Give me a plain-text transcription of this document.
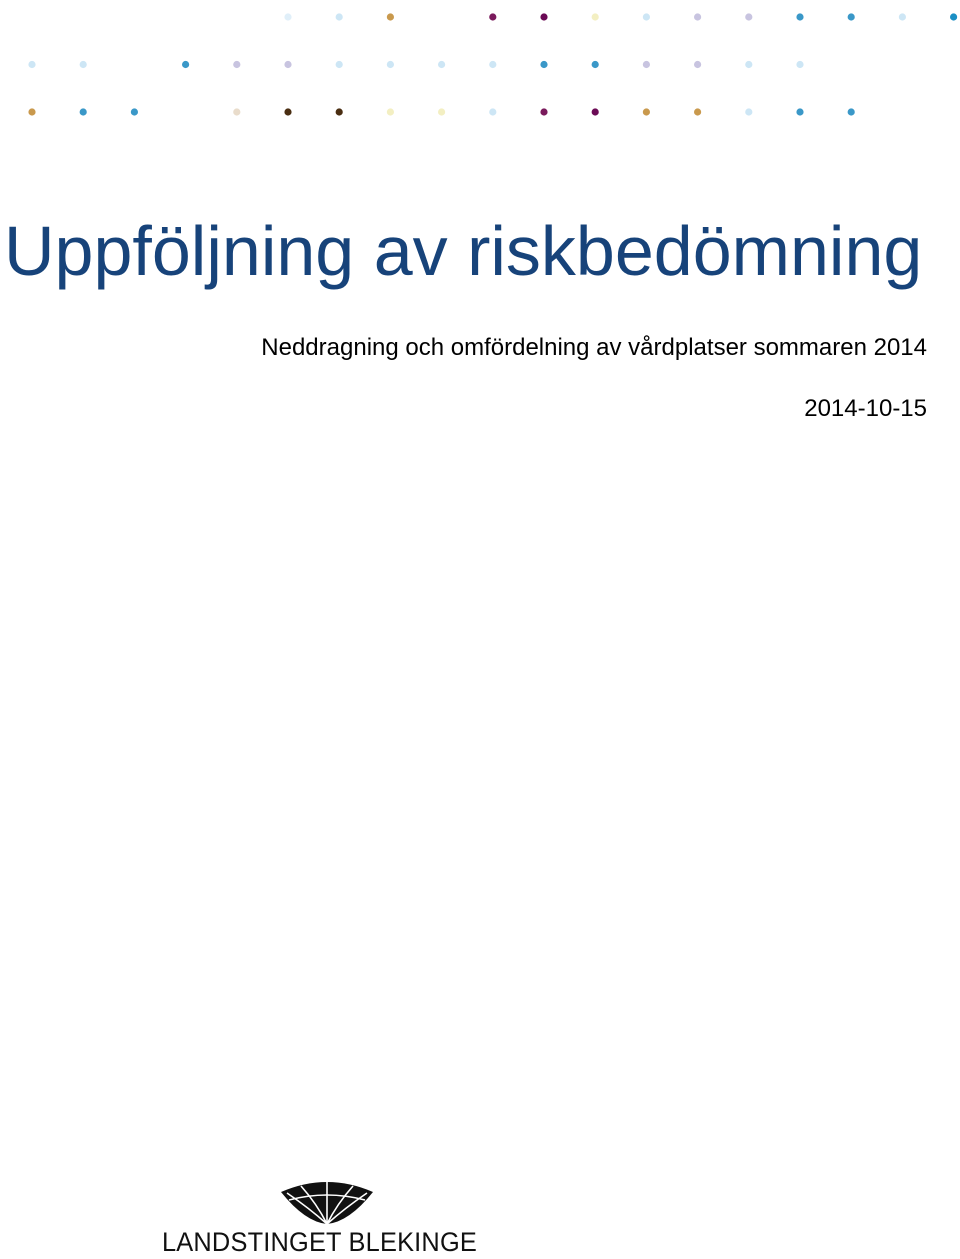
Uppföljning av riskbedömning

Neddragning och omfördelning av vårdplatser sommaren 2014

2014-10-15

LANDSTINGET BLEKINGE
